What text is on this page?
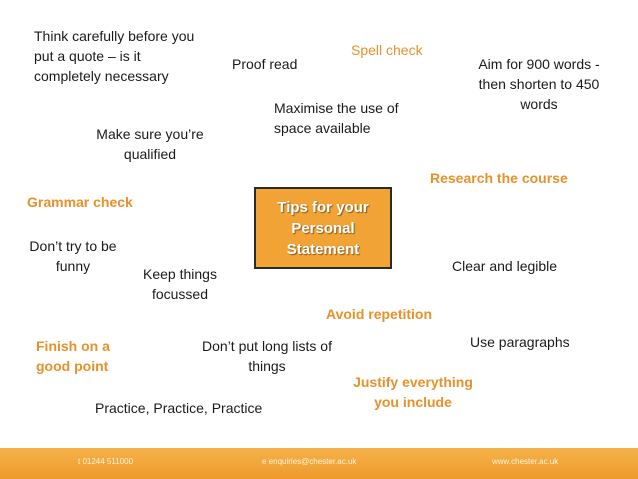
Think carefully before you put a quote – is it completely necessary
Proof read
Spell check
Aim for 900 words - then shorten to 450 words
Maximise the use of space available
Make sure you’re qualified
Research the course
Grammar check
Don’t try to be funny	Keep things focussed
Clear and legible
Avoid repetition
Finish on a good point
Don’t put long lists of things
Use paragraphs
Justify everything you include
Practice, Practice, Practice
Tips for your Personal Statement
t 01244 511000	e enquiries@chester.ac.uk	www.chester.ac.uk
